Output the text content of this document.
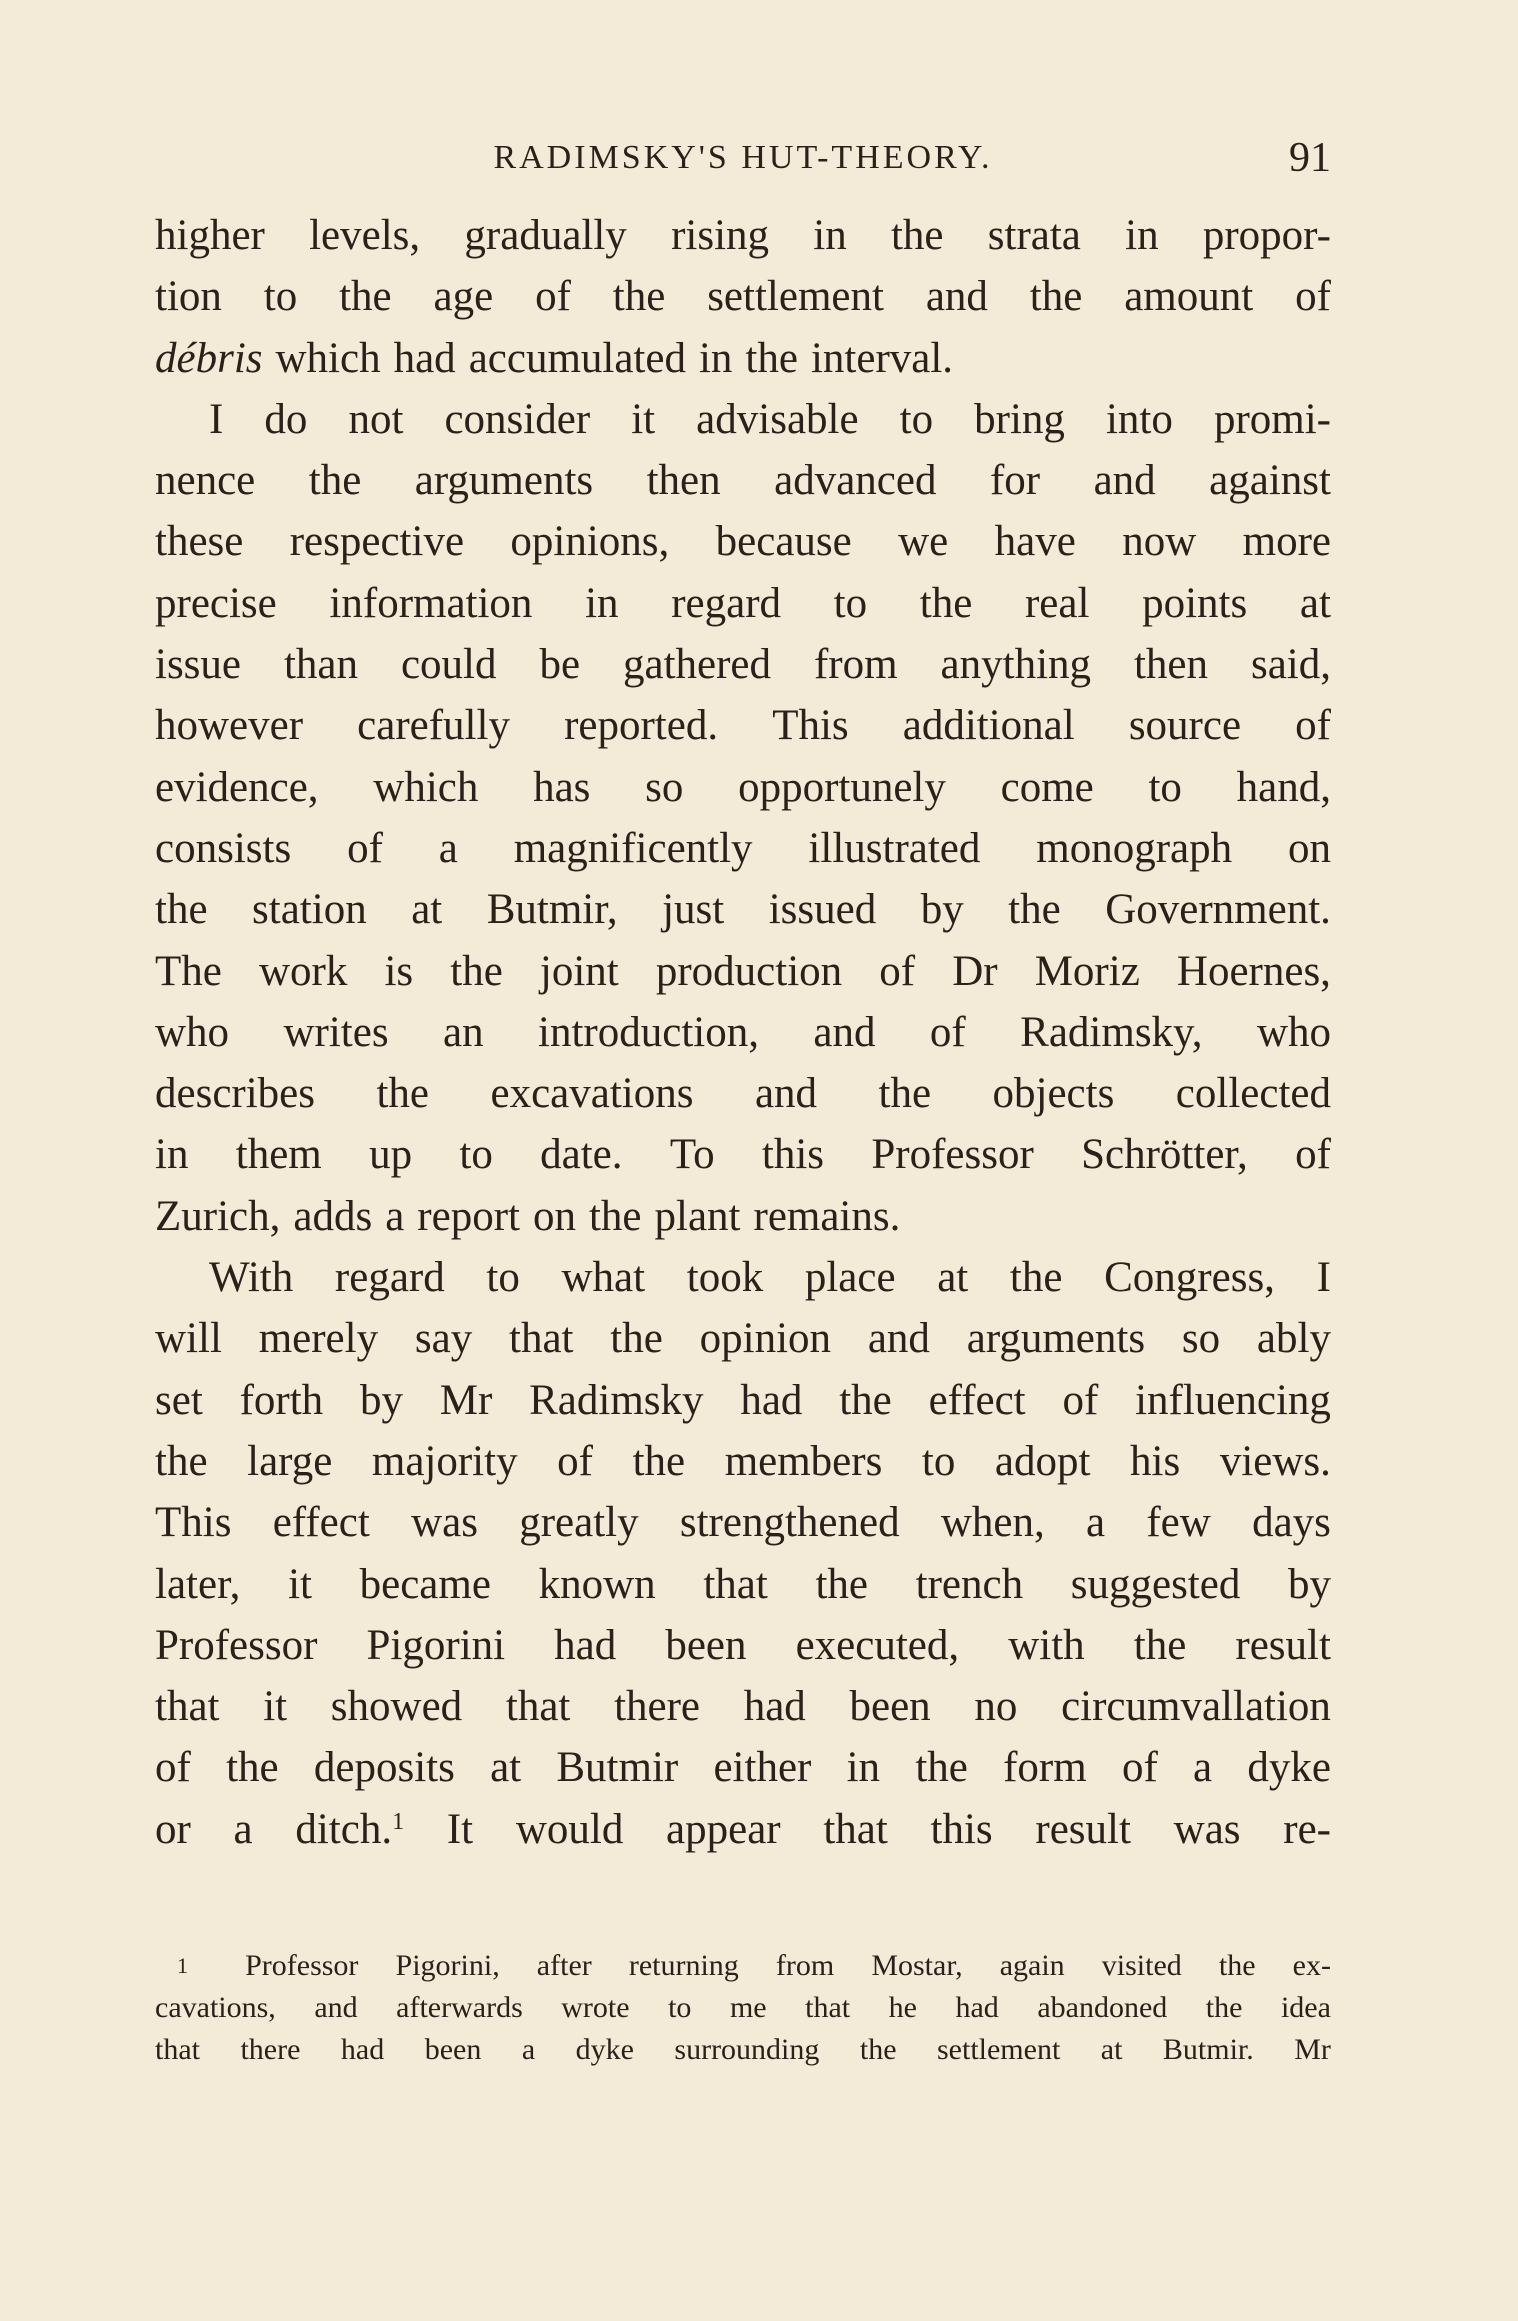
RADIMSKY'S HUT-THEORY.	91
higher levels, gradually rising in the strata in propor-
tion to the age of the settlement and the amount of
débris which had accumulated in the interval.
I do not consider it advisable to bring into promi-
nence the arguments then advanced for and against
these respective opinions, because we have now more
precise information in regard to the real points at
issue than could be gathered from anything then said,
however carefully reported. This additional source of
evidence, which has so opportunely come to hand,
consists of a magnificently illustrated monograph on
the station at Butmir, just issued by the Government.
The work is the joint production of Dr Moriz Hoernes,
who writes an introduction, and of Radimsky, who
describes the excavations and the objects collected
in them up to date. To this Professor Schrötter, of
Zurich, adds a report on the plant remains.
With regard to what took place at the Congress, I
will merely say that the opinion and arguments so ably
set forth by Mr Radimsky had the effect of influencing
the large majority of the members to adopt his views.
This effect was greatly strengthened when, a few days
later, it became known that the trench suggested by
Professor Pigorini had been executed, with the result
that it showed that there had been no circumvallation
of the deposits at Butmir either in the form of a dyke
or a ditch.$^1$ It would appear that this result was re-
1 Professor Pigorini, after returning from Mostar, again visited the ex-
cavations, and afterwards wrote to me that he had abandoned the idea
that there had been a dyke surrounding the settlement at Butmir. Mr
